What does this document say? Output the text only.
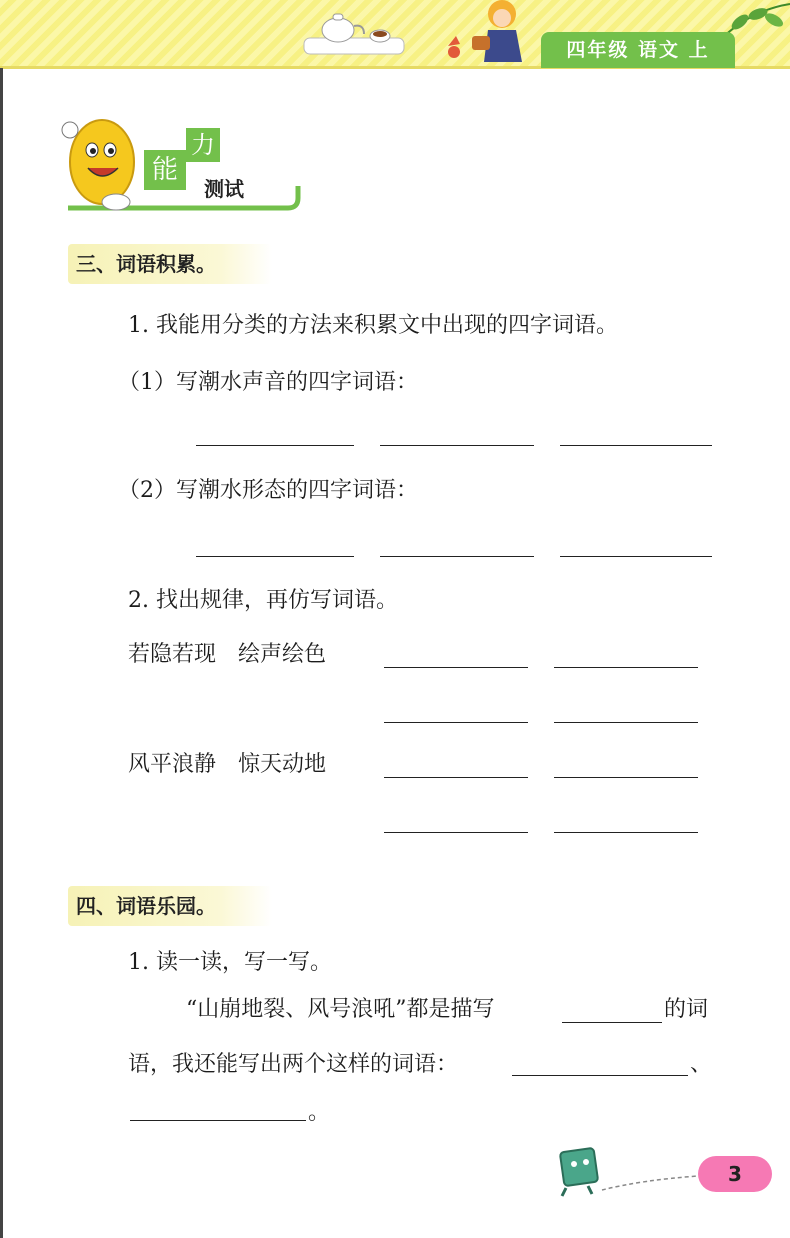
四年级 语文 上
能
力
测试
三、词语积累。
1. 我能用分类的方法来积累文中出现的四字词语。
（1）写潮水声音的四字词语：
（2）写潮水形态的四字词语：
2. 找出规律，再仿写词语。
若隐若现　绘声绘色
风平浪静　惊天动地
四、词语乐园。
1. 读一读，写一写。
“山崩地裂、风号浪吼”都是描写	的词
语，我还能写出两个这样的词语：	、
。
3
